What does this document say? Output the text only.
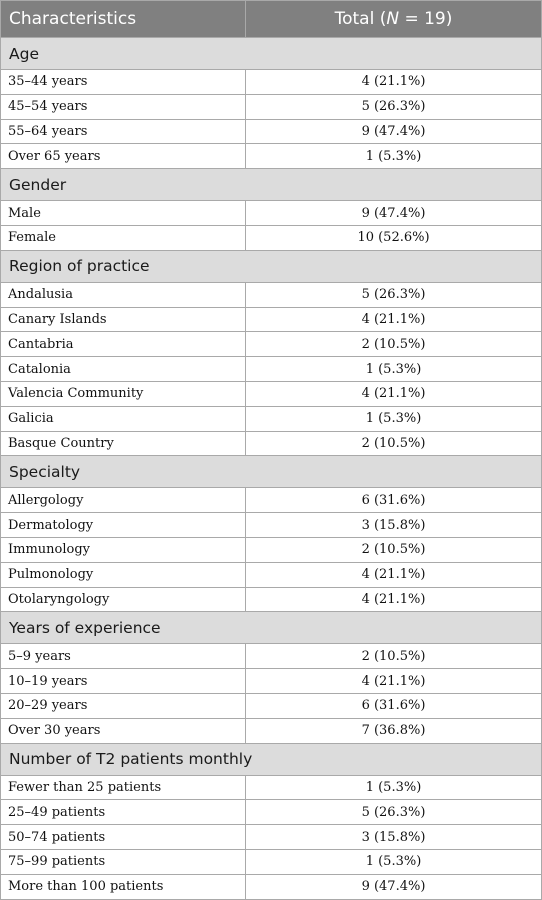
Characteristics	Total (N = 19)
Age	
35–44 years	4 (21.1%)
45–54 years	5 (26.3%)
55–64 years	9 (47.4%)
Over 65 years	1 (5.3%)
Gender	
Male	9 (47.4%)
Female	10 (52.6%)
Region of practice	
Andalusia	5 (26.3%)
Canary Islands	4 (21.1%)
Cantabria	2 (10.5%)
Catalonia	1 (5.3%)
Valencia Community	4 (21.1%)
Galicia	1 (5.3%)
Basque Country	2 (10.5%)
Specialty	
Allergology	6 (31.6%)
Dermatology	3 (15.8%)
Immunology	2 (10.5%)
Pulmonology	4 (21.1%)
Otolaryngology	4 (21.1%)
Years of experience	
5–9 years	2 (10.5%)
10–19 years	4 (21.1%)
20–29 years	6 (31.6%)
Over 30 years	7 (36.8%)
Number of T2 patients monthly	
Fewer than 25 patients	1 (5.3%)
25–49 patients	5 (26.3%)
50–74 patients	3 (15.8%)
75–99 patients	1 (5.3%)
More than 100 patients	9 (47.4%)
